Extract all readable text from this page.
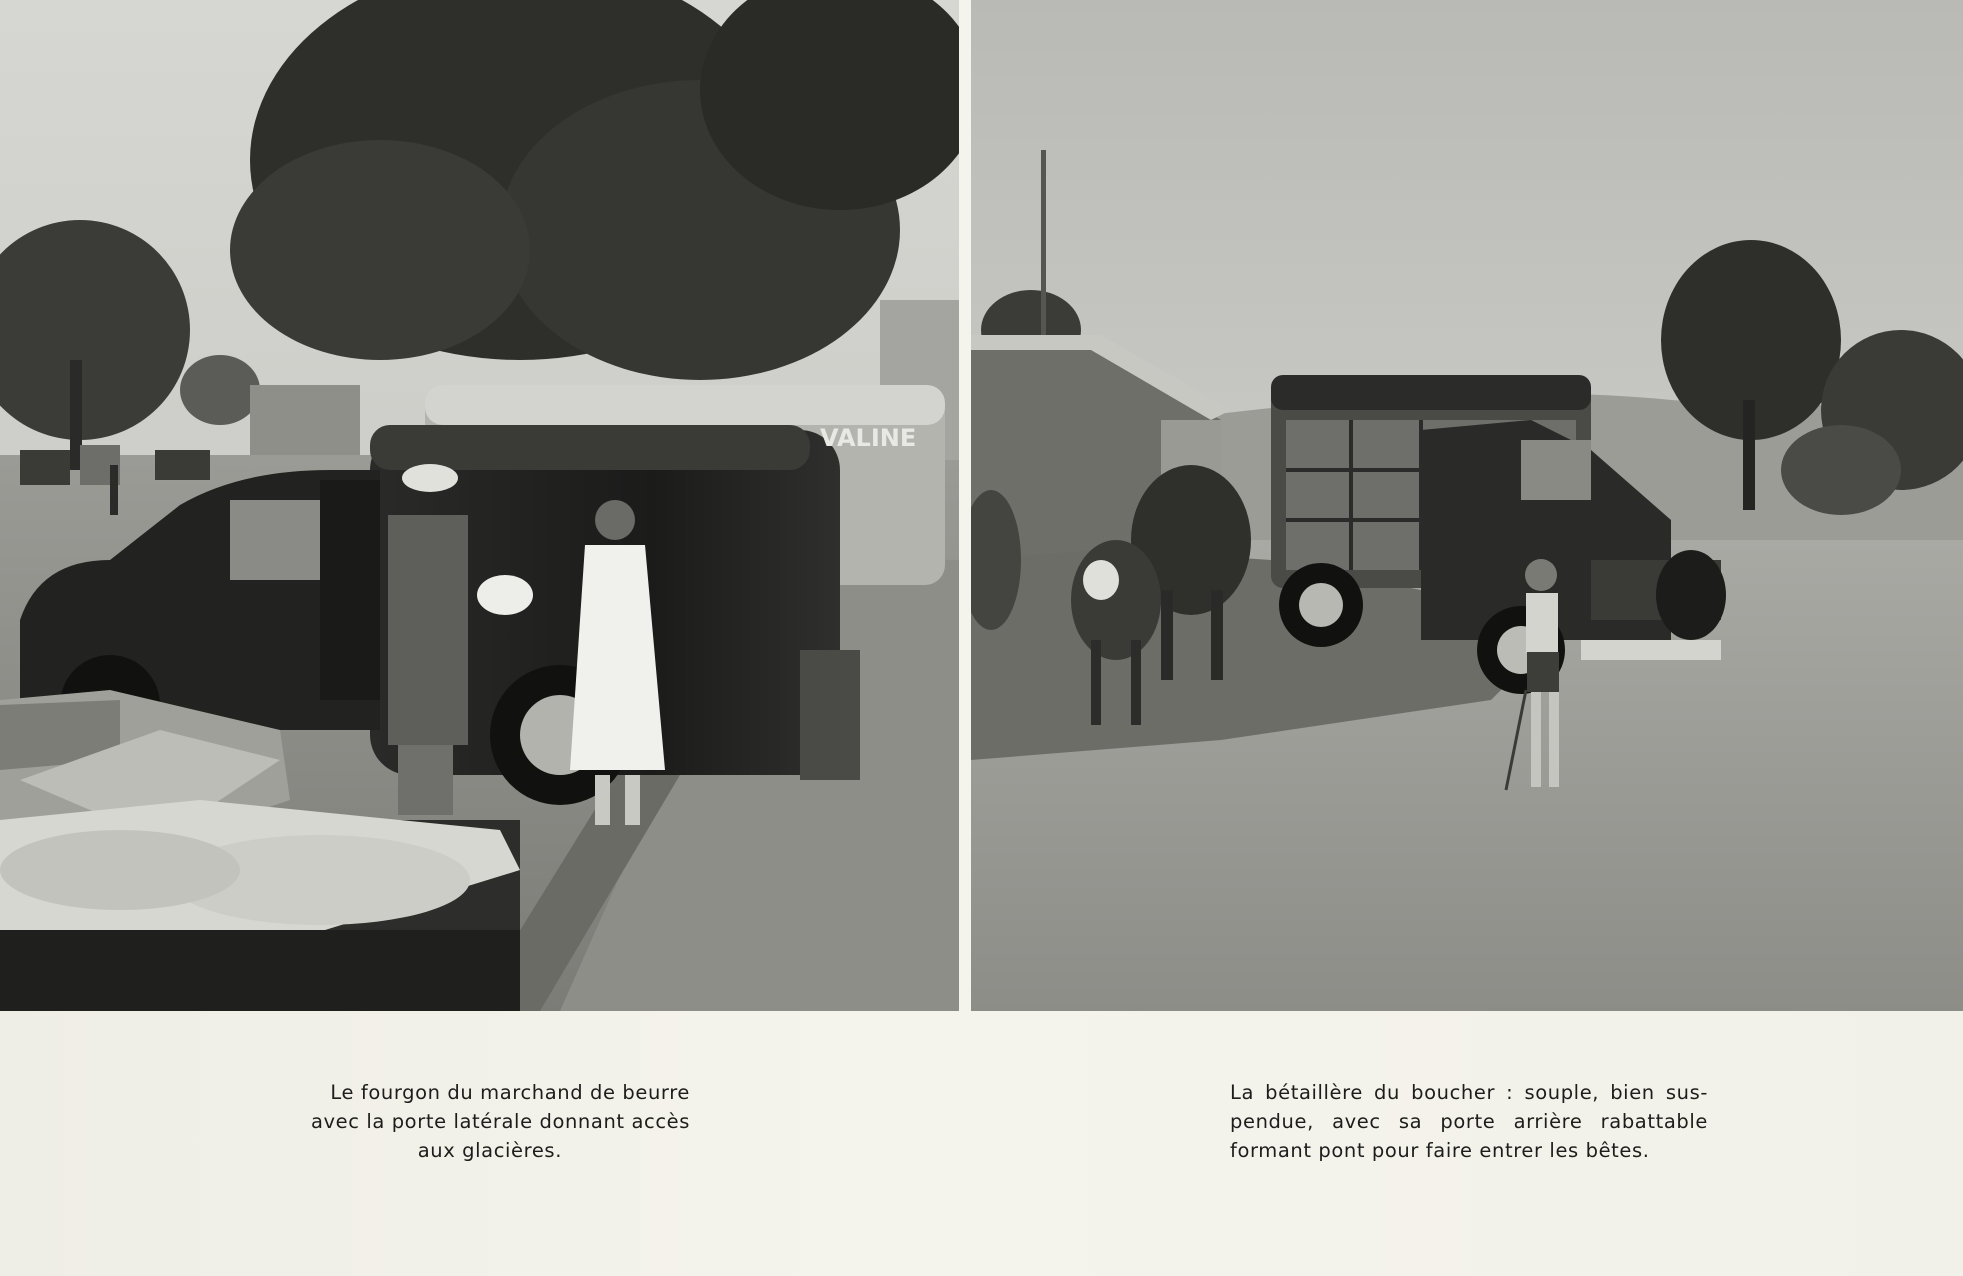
VALINE
Le fourgon du marchand de beurre
avec la porte latérale donnant accès
aux glacières.
La bétaillère du boucher : souple, bien sus-
pendue, avec sa porte arrière rabattable
formant pont pour faire entrer les bêtes.
